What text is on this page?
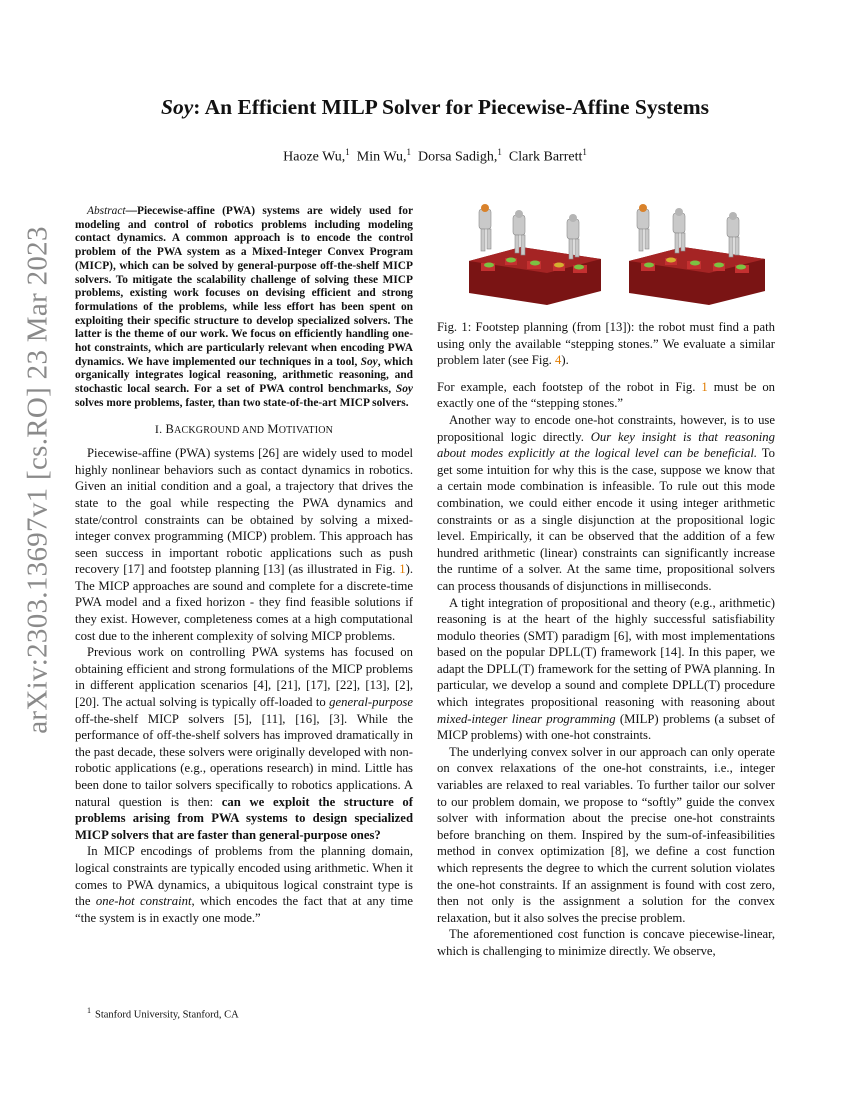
arXiv:2303.13697v1 [cs.RO] 23 Mar 2023
Soy: An Efficient MILP Solver for Piecewise-Affine Systems
Haoze Wu,$^1$ Min Wu,$^1$ Dorsa Sadigh,$^1$ Clark Barrett$^1$

Abstract—Piecewise-affine (PWA) systems are widely used for modeling and control of robotics problems including modeling contact dynamics. A common approach is to encode the control problem of the PWA system as a Mixed-Integer Convex Program (MICP), which can be solved by general-purpose off-the-shelf MICP solvers. To mitigate the scalability challenge of solving these MICP problems, existing work focuses on devising efficient and strong formulations of the problems, while less effort has been spent on exploiting their specific structure to develop specialized solvers. The latter is the theme of our work. We focus on efficiently handling one-hot constraints, which are particularly relevant when encoding PWA dynamics. We have implemented our techniques in a tool, Soy, which organically integrates logical reasoning, arithmetic reasoning, and stochastic local search. For a set of PWA control benchmarks, Soy solves more problems, faster, than two state-of-the-art MICP solvers.

I. BACKGROUND AND MOTIVATION

Piecewise-affine (PWA) systems [26] are widely used to model highly nonlinear behaviors such as contact dynamics in robotics. Given an initial condition and a goal, a trajectory that drives the state to the goal while respecting the PWA dynamics and state/control constraints can be obtained by solving a mixed-integer convex programming (MICP) problem. This approach has seen success in important robotic applications such as push recovery [17] and footstep planning [13] (as illustrated in Fig. 1). The MICP approaches are sound and complete for a discrete-time PWA model and a fixed horizon - they find feasible solutions if they exist. However, completeness comes at a high computational cost due to the inherent complexity of solving MICP problems.

Previous work on controlling PWA systems has focused on obtaining efficient and strong formulations of the MICP problems in different application scenarios [4], [21], [17], [22], [13], [2], [20]. The actual solving is typically off-loaded to general-purpose off-the-shelf MICP solvers [5], [11], [16], [3]. While the performance of off-the-shelf solvers has improved dramatically in the past decade, these solvers were originally developed with non-robotic applications (e.g., operations research) in mind. Little has been done to tailor solvers specifically to robotics applications. A natural question is then: can we exploit the structure of problems arising from PWA systems to design specialized MICP solvers that are faster than general-purpose ones?

In MICP encodings of problems from the planning domain, logical constraints are typically encoded using arithmetic. When it comes to PWA dynamics, a ubiquitous logical constraint type is the one-hot constraint, which encodes the fact that at any time “the system is in exactly one mode.”

$^1$ Stanford University, Stanford, CA

Fig. 1: Footstep planning (from [13]): the robot must find a path using only the available “stepping stones.” We evaluate a similar problem later (see Fig. 4).

For example, each footstep of the robot in Fig. 1 must be on exactly one of the “stepping stones.”

Another way to encode one-hot constraints, however, is to use propositional logic directly. Our key insight is that reasoning about modes explicitly at the logical level can be beneficial. To get some intuition for why this is the case, suppose we know that a certain mode combination is infeasible. To rule out this mode combination, we could either encode it using integer arithmetic constraints or as a single disjunction at the propositional logic level. Empirically, it can be observed that the addition of a few hundred arithmetic (linear) constraints can significantly increase the runtime of a solver. At the same time, propositional solvers can process thousands of disjunctions in milliseconds.

A tight integration of propositional and theory (e.g., arithmetic) reasoning is at the heart of the highly successful satisfiability modulo theories (SMT) paradigm [6], with most implementations based on the popular DPLL(T) framework [14]. In this paper, we adapt the DPLL(T) framework for the setting of PWA planning. In particular, we develop a sound and complete DPLL(T) procedure which integrates propositional reasoning with reasoning about mixed-integer linear programming (MILP) problems (a subset of MICP problems) with one-hot constraints.

The underlying convex solver in our approach can only operate on convex relaxations of the one-hot constraints, i.e., integer variables are relaxed to real variables. To further tailor our solver to our problem domain, we propose to “softly” guide the convex solver with information about the precise one-hot constraints before branching on them. Inspired by the sum-of-infeasibilities method in convex optimization [8], we define a cost function which represents the degree to which the current solution violates the one-hot constraints. If an assignment is found with cost zero, then not only is the assignment a solution for the convex relaxation, but it also solves the precise problem.

The aforementioned cost function is concave piecewise-linear, which is challenging to minimize directly. We observe,
